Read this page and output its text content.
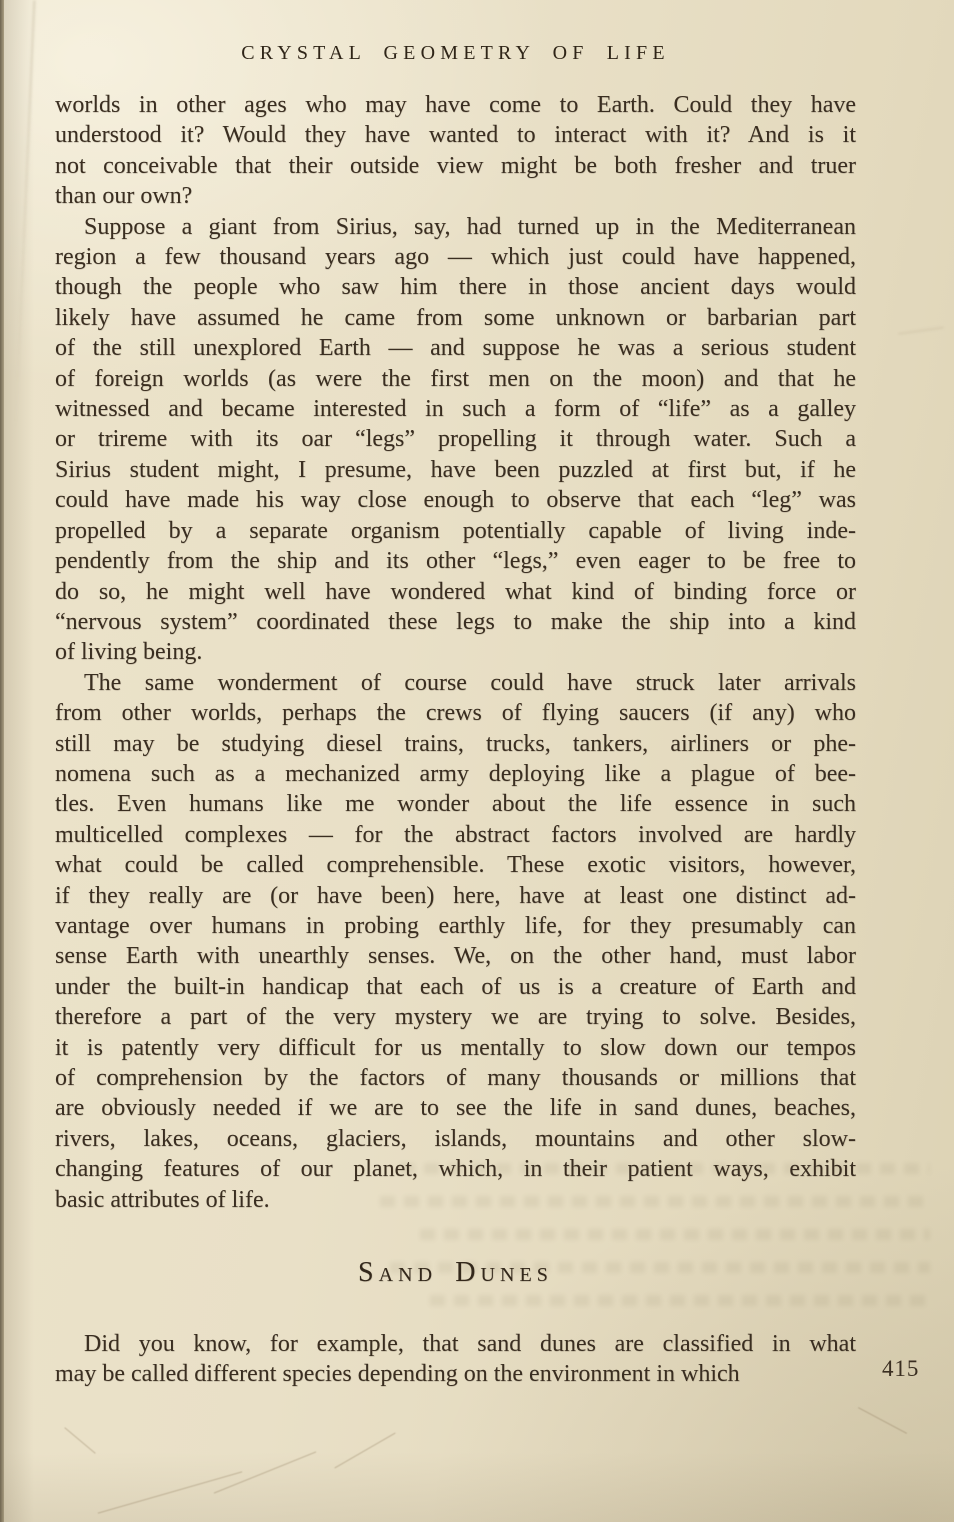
CRYSTAL GEOMETRY OF LIFE
worlds in other ages who may have come to Earth. Could they have
understood it? Would they have wanted to interact with it? And is it
not conceivable that their outside view might be both fresher and truer
than our own?
Suppose a giant from Sirius, say, had turned up in the Mediterranean
region a few thousand years ago — which just could have happened,
though the people who saw him there in those ancient days would
likely have assumed he came from some unknown or barbarian part
of the still unexplored Earth — and suppose he was a serious student
of foreign worlds (as were the first men on the moon) and that he
witnessed and became interested in such a form of “life” as a galley
or trireme with its oar “legs” propelling it through water. Such a
Sirius student might, I presume, have been puzzled at first but, if he
could have made his way close enough to observe that each “leg” was
propelled by a separate organism potentially capable of living inde-
pendently from the ship and its other “legs,” even eager to be free to
do so, he might well have wondered what kind of binding force or
“nervous system” coordinated these legs to make the ship into a kind
of living being.
The same wonderment of course could have struck later arrivals
from other worlds, perhaps the crews of flying saucers (if any) who
still may be studying diesel trains, trucks, tankers, airliners or phe-
nomena such as a mechanized army deploying like a plague of bee-
tles. Even humans like me wonder about the life essence in such
multicelled complexes — for the abstract factors involved are hardly
what could be called comprehensible. These exotic visitors, however,
if they really are (or have been) here, have at least one distinct ad-
vantage over humans in probing earthly life, for they presumably can
sense Earth with unearthly senses. We, on the other hand, must labor
under the built-in handicap that each of us is a creature of Earth and
therefore a part of the very mystery we are trying to solve. Besides,
it is patently very difficult for us mentally to slow down our tempos
of comprehension by the factors of many thousands or millions that
are obviously needed if we are to see the life in sand dunes, beaches,
rivers, lakes, oceans, glaciers, islands, mountains and other slow-
changing features of our planet, which, in their patient ways, exhibit
basic attributes of life.
Sand Dunes
Did you know, for example, that sand dunes are classified in what
may be called different species depending on the environment in which	415
